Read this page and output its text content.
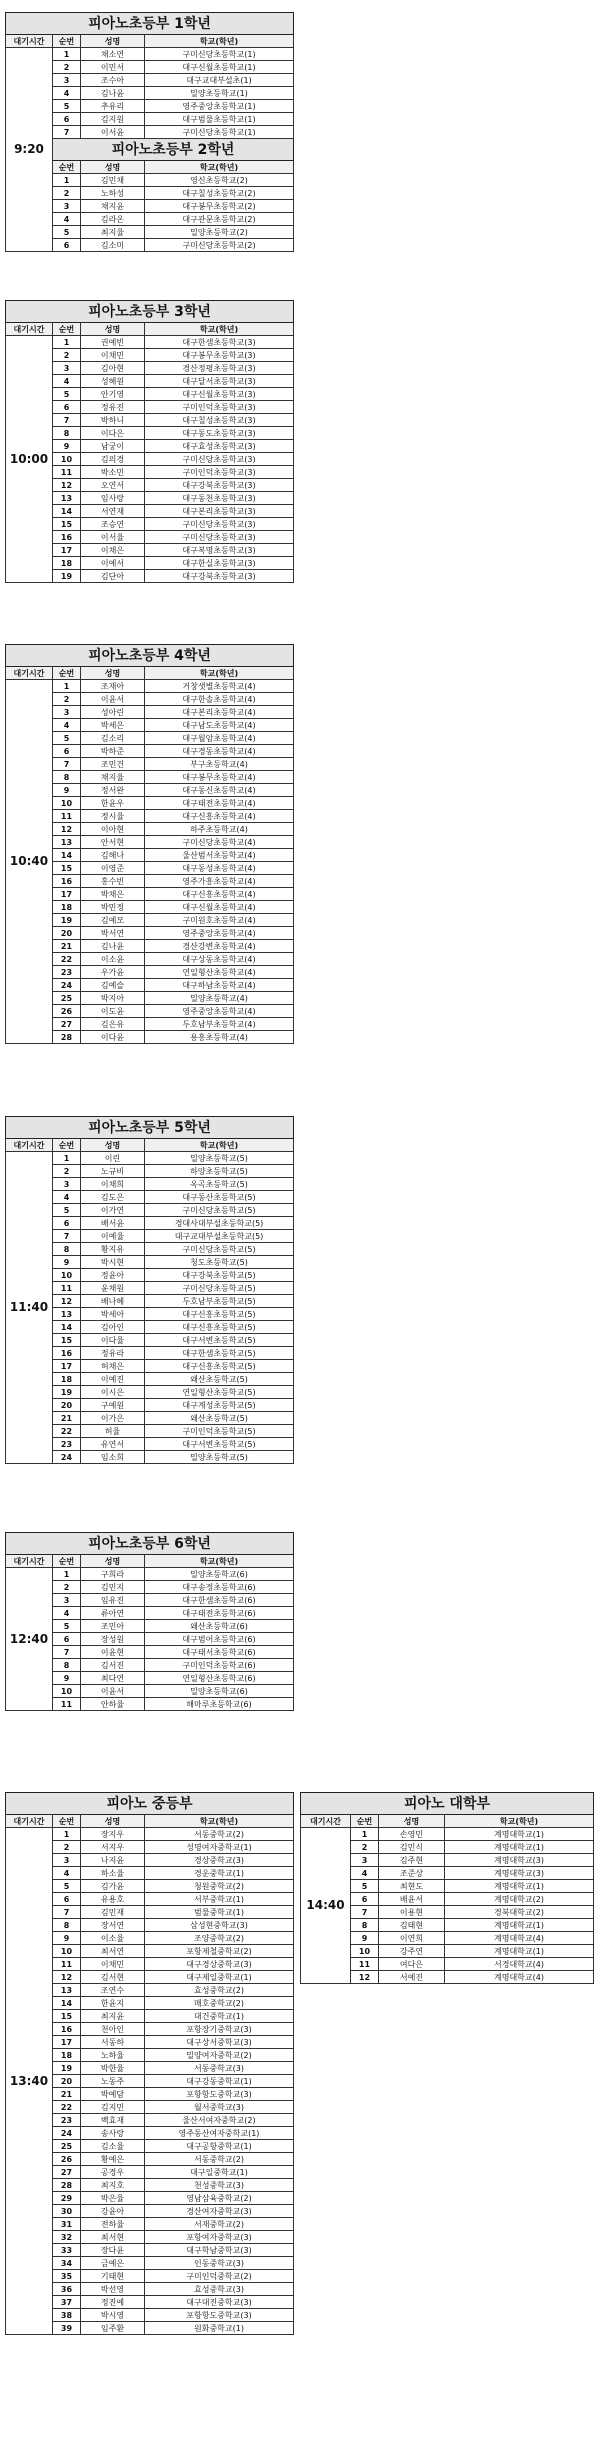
피아노초등부 1학년			
대기시간	순번	성명	학교(학년)
9:20	1	채소연	구미신당초등학교(1)
	2	이민서	대구신월초등학교(1)
	3	조수아	대구교대부설초(1)
	4	김나윤	밀양초등학교(1)
	5	추유리	영주중앙초등학교(1)
	6	김지원	대구범물초등학교(1)
	7	이서윤	구미신당초등학교(1)
	피아노초등부 2학년		
	순번	성명	학교(학년)
	1	김민채	영신초등학교(2)
	2	노하성	대구칠성초등학교(2)
	3	채지윤	대구봉무초등학교(2)
	4	김라온	대구관문초등학교(2)
	5	최지율	밀양초등학교(2)
	6	김소미	구미신당초등학교(2)
피아노초등부 3학년			
대기시간	순번	성명	학교(학년)
10:00	1	권예빈	대구한샘초등학교(3)
	2	이채민	대구봉무초등학교(3)
	3	김아현	경산정평초등학교(3)
	4	성혜원	대구달서초등학교(3)
	5	안기영	대구신월초등학교(3)
	6	정유진	구미인덕초등학교(3)
	7	박하니	대구칠성초등학교(3)
	8	이다은	대구동도초등학교(3)
	9	남궁이	대구효성초등학교(3)
	10	김의경	구미신당초등학교(3)
	11	박소민	구미인덕초등학교(3)
	12	오연서	대구강북초등학교(3)
	13	임사랑	대구동천초등학교(3)
	14	서연재	대구본리초등학교(3)
	15	조승연	구미신당초등학교(3)
	16	이서율	구미신당초등학교(3)
	17	이채은	대구복명초등학교(3)
	18	이예서	대구한실초등학교(3)
	19	김단아	대구강북초등학교(3)
피아노초등부 4학년			
대기시간	순번	성명	학교(학년)
10:40	1	조재아	거창샛별초등학교(4)
	2	이윤서	대구한솔초등학교(4)
	3	성아린	대구본리초등학교(4)
	4	박세은	대구남도초등학교(4)
	5	김소리	대구월암초등학교(4)
	6	박하준	대구경동초등학교(4)
	7	조민건	부구초등학교(4)
	8	채지율	대구봉무초등학교(4)
	9	정서완	대구동신초등학교(4)
	10	한윤우	대구태전초등학교(4)
	11	정시율	대구신흥초등학교(4)
	12	이아현	하주초등학교(4)
	13	안서현	구미신당초등학교(4)
	14	김해나	울산범서초등학교(4)
	15	이영준	대구동성초등학교(4)
	16	홍수빈	영주가흥초등학교(4)
	17	박채은	대구신흥초등학교(4)
	18	박민정	대구신월초등학교(4)
	19	김예모	구미원호초등학교(4)
	20	박서연	영주중앙초등학교(4)
	21	김나윤	경산강변초등학교(4)
	22	이소윤	대구상동초등학교(4)
	23	우가윤	연일형산초등학교(4)
	24	김예슬	대구하남초등학교(4)
	25	박지아	밀양초등학교(4)
	26	이도윤	영주중앙초등학교(4)
	27	김은유	두호남부초등학교(4)
	28	이다윤	용흥초등학교(4)
피아노초등부 5학년			
대기시간	순번	성명	학교(학년)
11:40	1	이린	밀양초등학교(5)
	2	노규비	하양초등학교(5)
	3	이채희	옥곡초등학교(5)
	4	김도은	대구동산초등학교(5)
	5	이가연	구미신당초등학교(5)
	6	배서윤	경대사대부설초등학교(5)
	7	이예율	대구교대부설초등학교(5)
	8	황지유	구미신당초등학교(5)
	9	박시현	청도초등학교(5)
	10	정윤아	대구강북초등학교(5)
	11	윤채원	구미신당초등학교(5)
	12	배나혜	두호남부초등학교(5)
	13	박세아	대구신흥초등학교(5)
	14	김아인	대구신흥초등학교(5)
	15	이다율	대구서변초등학교(5)
	16	정유라	대구한샘초등학교(5)
	17	허채은	대구신흥초등학교(5)
	18	이예진	왜산초등학교(5)
	19	이시은	연일형산초등학교(5)
	20	구예원	대구계성초등학교(5)
	21	이가은	왜산초등학교(5)
	22	허율	구미인덕초등학교(5)
	23	유연서	대구서변초등학교(5)
	24	임소희	밀양초등학교(5)
피아노초등부 6학년			
대기시간	순번	성명	학교(학년)
12:40	1	구희라	밀양초등학교(6)
	2	김민지	대구송정초등학교(6)
	3	임유진	대구한샘초등학교(6)
	4	류아연	대구태전초등학교(6)
	5	조민아	왜산초등학교(6)
	6	장성원	대구범어초등학교(6)
	7	이윤현	대구태서초등학교(6)
	8	김서진	구미인덕초등학교(6)
	9	최다연	연일형산초등학교(6)
	10	이윤서	밀양초등학교(6)
	11	안하율	해마루초등학교(6)
피아노 중등부			
대기시간	순번	성명	학교(학년)
13:40	1	장지우	서동중학교(2)
	2	서지우	성명여자중학교(1)
	3	나지윤	경상중학교(3)
	4	하소율	경운중학교(1)
	5	김가윤	청원중학교(2)
	6	유용호	서부중학교(1)
	7	김민재	범물중학교(1)
	8	장서연	삼성현중학교(3)
	9	이소율	조양중학교(2)
	10	최서연	포항제철중학교(2)
	11	이채민	대구경상중학교(3)
	12	김서현	대구제일중학교(1)
	13	조연수	효성중학교(2)
	14	한윤지	매호중학교(2)
	15	최지윤	대건중학교(1)
	16	천아인	포항장기중학교(3)
	17	서동하	대구상서중학교(3)
	18	노하율	밀양여자중학교(2)
	19	박한율	서동중학교(3)
	20	노동주	대구강동중학교(1)
	21	박예담	포항항도중학교(3)
	22	김지민	월서중학교(3)
	23	백효재	울산서여자중학교(2)
	24	송사랑	영주동산여자중학교(1)
	25	김소율	대구공항중학교(1)
	26	황예은	서동중학교(2)
	27	공경우	대구일중학교(1)
	28	최지호	천성중학교(3)
	29	박은율	영남삼육중학교(2)
	30	강윤아	경산여자중학교(3)
	31	전하율	서재중학교(2)
	32	최서현	포항여자중학교(3)
	33	장다윤	대구학남중학교(3)
	34	금예은	인동중학교(3)
	35	기태현	구미인덕중학교(2)
	36	박선영	효성중학교(3)
	37	정진예	대구대진중학교(3)
	38	박시영	포항항도중학교(3)
	39	임주환	원화중학교(1)
피아노 대학부			
대기시간	순번	성명	학교(학년)
14:40	1	손영민	계명대학교(1)
	2	김민식	계명대학교(1)
	3	김주현	계명대학교(3)
	4	조준상	계명대학교(3)
	5	최현도	계명대학교(1)
	6	배윤서	계명대학교(2)
	7	이용현	경북대학교(2)
	8	김태현	계명대학교(1)
	9	이연희	계명대학교(4)
	10	강주연	계명대학교(1)
	11	여다은	서경대학교(4)
	12	서예진	계명대학교(4)
